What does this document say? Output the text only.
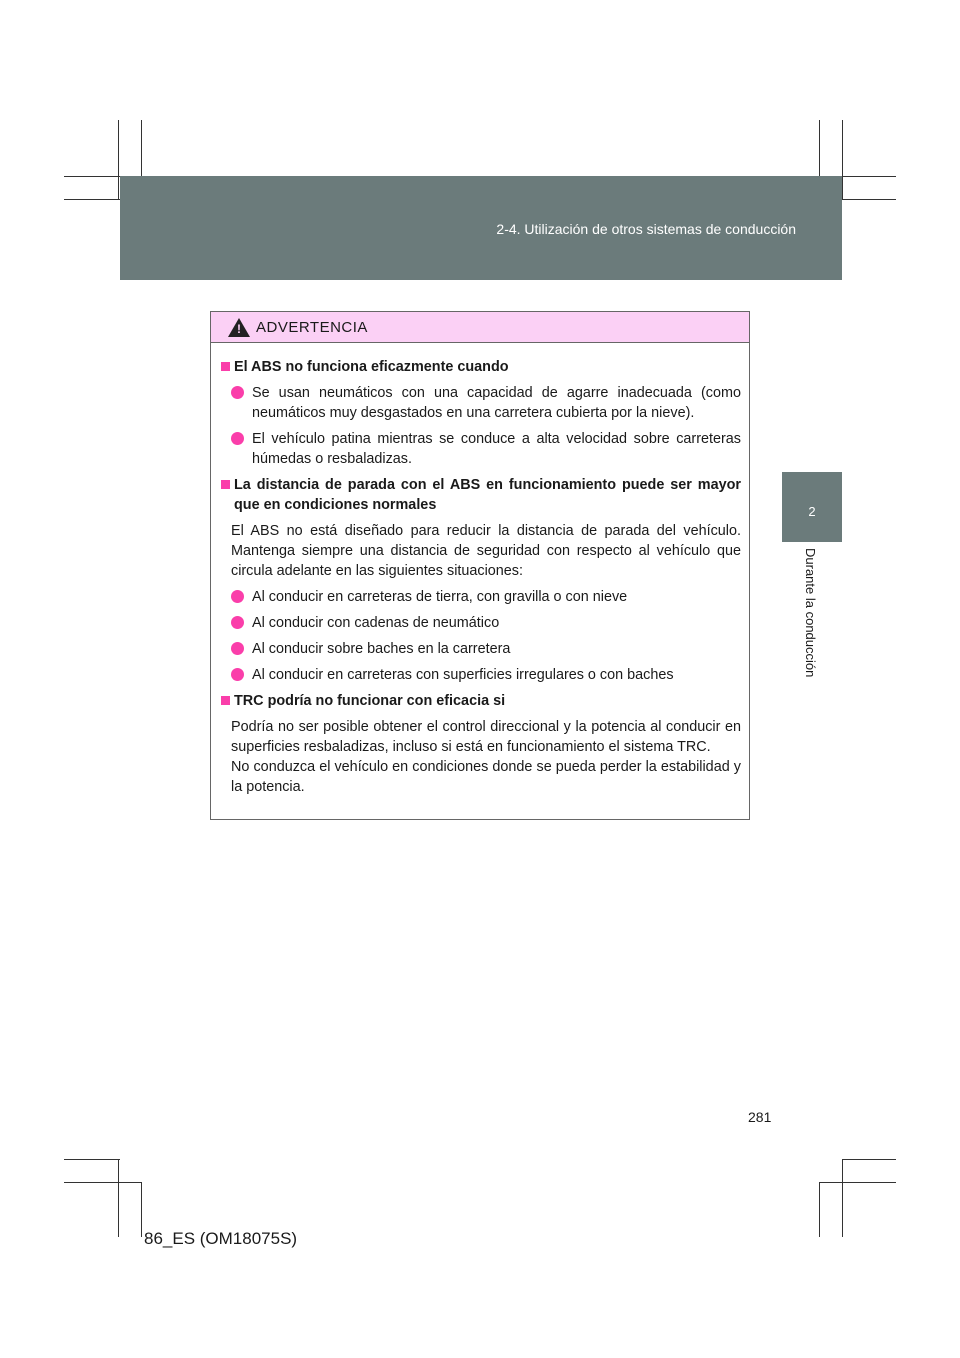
2-4. Utilización de otros sistemas de conducción
2
Durante la conducción
! ADVERTENCIA
El ABS no funciona eficazmente cuando
Se usan neumáticos con una capacidad de agarre inadecuada (como neumáticos muy desgastados en una carretera cubierta por la nieve).
El vehículo patina mientras se conduce a alta velocidad sobre carreteras húmedas o resbaladizas.
La distancia de parada con el ABS en funcionamiento puede ser mayor que en condiciones normales
El ABS no está diseñado para reducir la distancia de parada del vehículo. Mantenga siempre una distancia de seguridad con respecto al vehículo que circula adelante en las siguientes situaciones:
Al conducir en carreteras de tierra, con gravilla o con nieve
Al conducir con cadenas de neumático
Al conducir sobre baches en la carretera
Al conducir en carreteras con superficies irregulares o con baches
TRC podría no funcionar con eficacia si
Podría no ser posible obtener el control direccional y la potencia al conducir en superficies resbaladizas, incluso si está en funcionamiento el sistema TRC.
No conduzca el vehículo en condiciones donde se pueda perder la estabilidad y la potencia.
281
86_ES (OM18075S)
